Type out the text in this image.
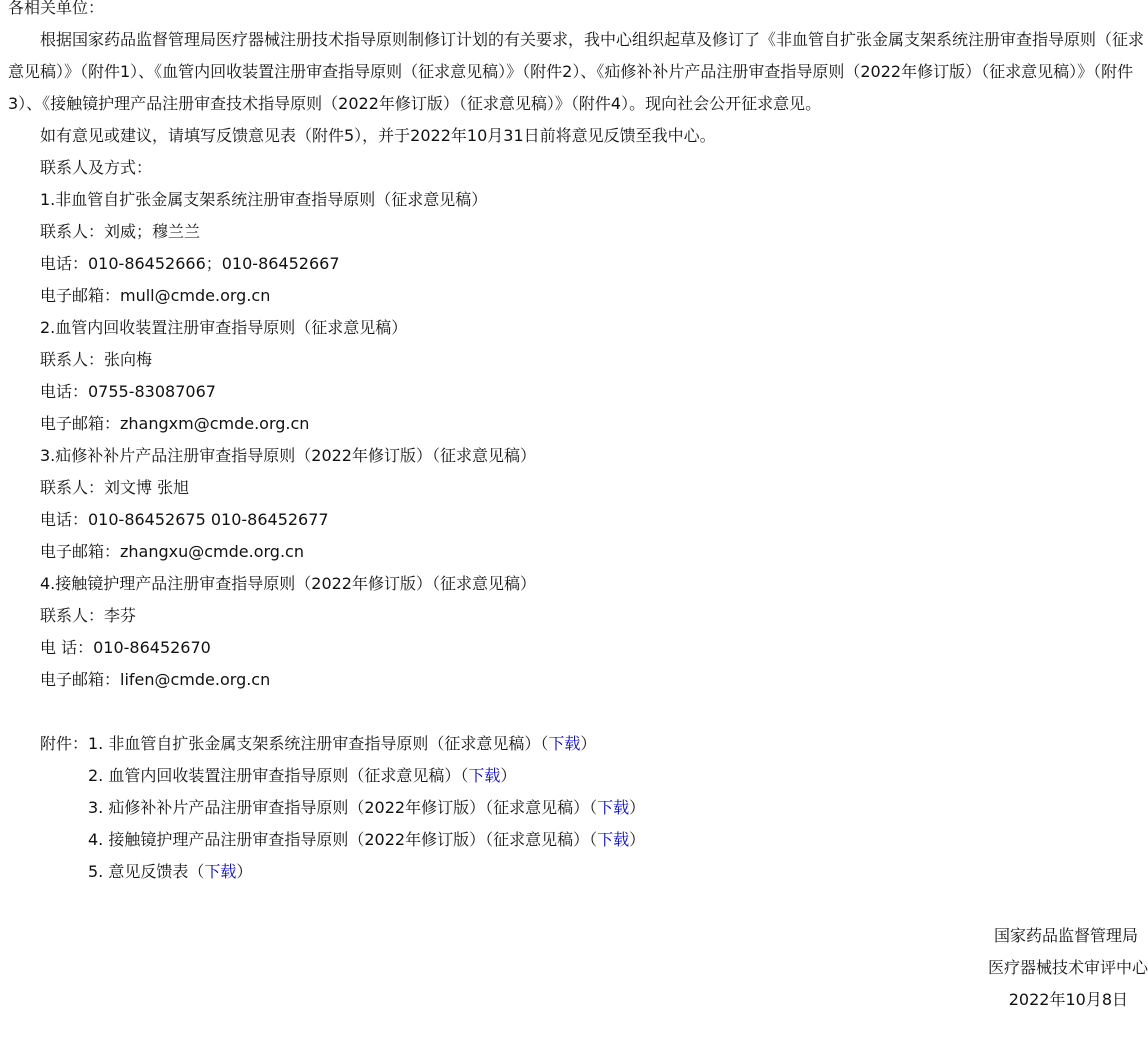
各相关单位：
根据国家药品监督管理局医疗器械注册技术指导原则制修订计划的有关要求，我中心组织起草及修订了《非血管自扩张金属支架系统注册审查指导原则（征求意见稿）》（附件1）、《血管内回收装置注册审查指导原则（征求意见稿）》（附件2）、《疝修补补片产品注册审查指导原则（2022年修订版）（征求意见稿）》（附件3）、《接触镜护理产品注册审查技术指导原则（2022年修订版）（征求意见稿）》（附件4）。现向社会公开征求意见。
如有意见或建议，请填写反馈意见表（附件5），并于2022年10月31日前将意见反馈至我中心。
联系人及方式：
1.非血管自扩张金属支架系统注册审查指导原则（征求意见稿）
联系人：刘威；穆兰兰
电话：010-86452666；010-86452667
电子邮箱：mull@cmde.org.cn
2.血管内回收装置注册审查指导原则（征求意见稿）
联系人：张向梅
电话：0755-83087067
电子邮箱：zhangxm@cmde.org.cn
3.疝修补补片产品注册审查指导原则（2022年修订版）（征求意见稿）
联系人：刘文博 张旭
电话：010-86452675 010-86452677
电子邮箱：zhangxu@cmde.org.cn
4.接触镜护理产品注册审查指导原则（2022年修订版）（征求意见稿）
联系人：李芬
电 话：010-86452670
电子邮箱：lifen@cmde.org.cn
附件： 1. 非血管自扩张金属支架系统注册审查指导原则（征求意见稿）（下载）
2. 血管内回收装置注册审查指导原则（征求意见稿）（下载）
3. 疝修补补片产品注册审查指导原则（2022年修订版）（征求意见稿）（下载）
4. 接触镜护理产品注册审查指导原则（2022年修订版）（征求意见稿）（下载）
5. 意见反馈表（下载）
国家药品监督管理局
医疗器械技术审评中心
2022年10月8日
